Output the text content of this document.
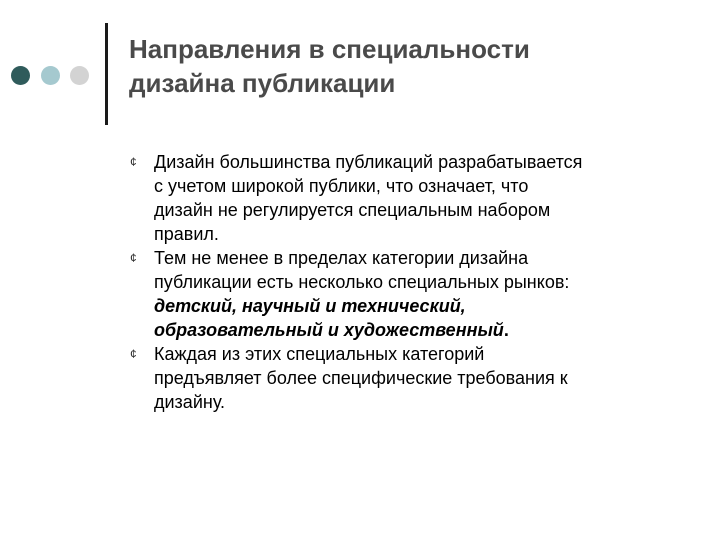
Направления в специальности
дизайна публикации
¢ Дизайн большинства публикаций разрабатывается
с учетом широкой публики, что означает, что
дизайн не регулируется специальным набором
правил.
¢ Тем не менее в пределах категории дизайна
публикации есть несколько специальных рынков:
детский, научный и технический,
образовательный и художественный.
¢ Каждая из этих специальных категорий
предъявляет более специфические требования к
дизайну.
